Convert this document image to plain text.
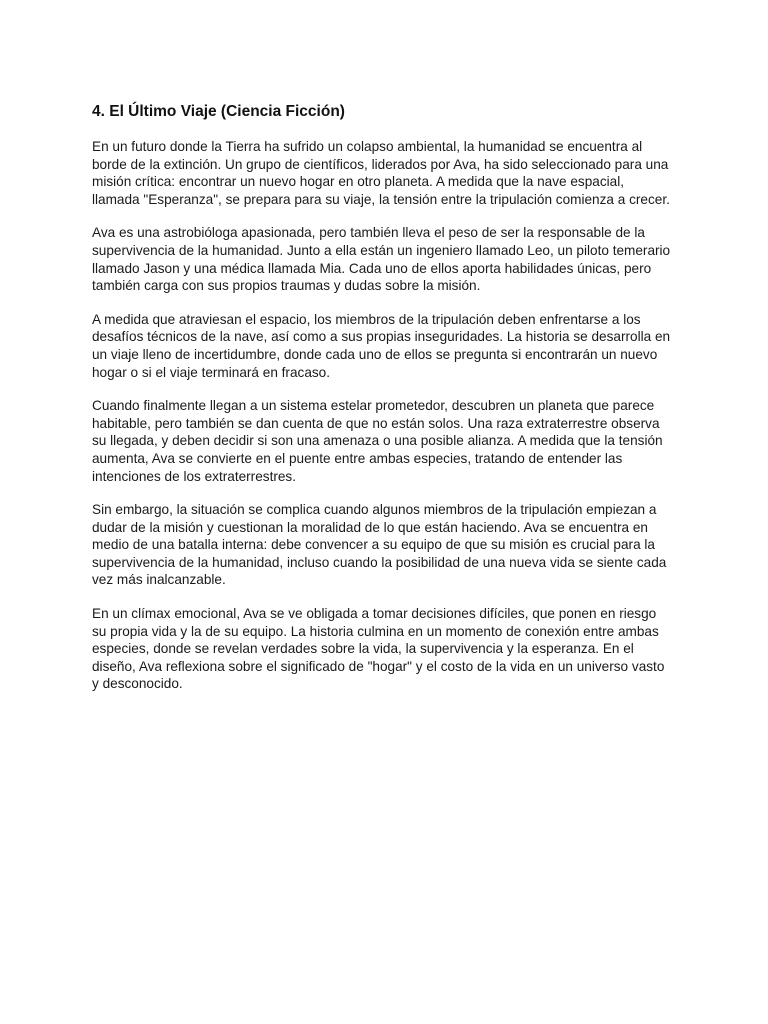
4. El Último Viaje (Ciencia Ficción)

En un futuro donde la Tierra ha sufrido un colapso ambiental, la humanidad se encuentra al borde de la extinción. Un grupo de científicos, liderados por Ava, ha sido seleccionado para una misión crítica: encontrar un nuevo hogar en otro planeta. A medida que la nave espacial, llamada "Esperanza", se prepara para su viaje, la tensión entre la tripulación comienza a crecer.

Ava es una astrobióloga apasionada, pero también lleva el peso de ser la responsable de la supervivencia de la humanidad. Junto a ella están un ingeniero llamado Leo, un piloto temerario llamado Jason y una médica llamada Mia. Cada uno de ellos aporta habilidades únicas, pero también carga con sus propios traumas y dudas sobre la misión.

A medida que atraviesan el espacio, los miembros de la tripulación deben enfrentarse a los desafíos técnicos de la nave, así como a sus propias inseguridades. La historia se desarrolla en un viaje lleno de incertidumbre, donde cada uno de ellos se pregunta si encontrarán un nuevo hogar o si el viaje terminará en fracaso.

Cuando finalmente llegan a un sistema estelar prometedor, descubren un planeta que parece habitable, pero también se dan cuenta de que no están solos. Una raza extraterrestre observa su llegada, y deben decidir si son una amenaza o una posible alianza. A medida que la tensión aumenta, Ava se convierte en el puente entre ambas especies, tratando de entender las intenciones de los extraterrestres.

Sin embargo, la situación se complica cuando algunos miembros de la tripulación empiezan a dudar de la misión y cuestionan la moralidad de lo que están haciendo. Ava se encuentra en medio de una batalla interna: debe convencer a su equipo de que su misión es crucial para la supervivencia de la humanidad, incluso cuando la posibilidad de una nueva vida se siente cada vez más inalcanzable.

En un clímax emocional, Ava se ve obligada a tomar decisiones difíciles, que ponen en riesgo su propia vida y la de su equipo. La historia culmina en un momento de conexión entre ambas especies, donde se revelan verdades sobre la vida, la supervivencia y la esperanza. En el diseño, Ava reflexiona sobre el significado de "hogar" y el costo de la vida en un universo vasto y desconocido.
